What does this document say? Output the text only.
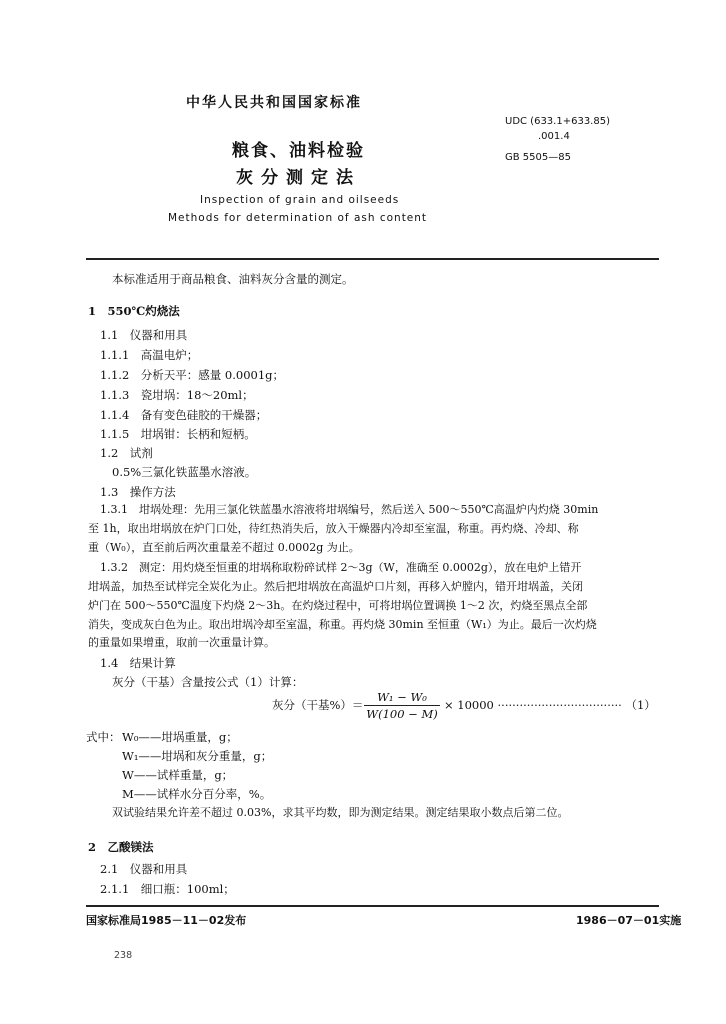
中华人民共和国国家标准
粮食、油料检验
灰分测定法
Inspection of grain and oilseeds
Methods for determination of ash content
UDC (633.1+633.85)
.001.4
GB 5505—85
本标准适用于商品粮食、油料灰分含量的测定。
1　550℃灼烧法
1.1　仪器和用具
1.1.1　高温电炉；
1.1.2　分析天平：感量 0.0001g；
1.1.3　瓷坩埚：18～20ml；
1.1.4　备有变色硅胶的干燥器；
1.1.5　坩埚钳：长柄和短柄。
1.2　试剂
0.5%三氯化铁蓝墨水溶液。
1.3　操作方法
1.3.1　坩埚处理：先用三氯化铁蓝墨水溶液将坩埚编号，然后送入 500～550℃高温炉内灼烧 30min
至 1h，取出坩埚放在炉门口处，待红热消失后，放入干燥器内冷却至室温，称重。再灼烧、冷却、称
重（W₀），直至前后两次重量差不超过 0.0002g 为止。
1.3.2　测定：用灼烧至恒重的坩埚称取粉碎试样 2～3g（W，准确至 0.0002g），放在电炉上错开
坩埚盖，加热至试样完全炭化为止。然后把坩埚放在高温炉口片刻，再移入炉膛内，错开坩埚盖，关闭
炉门在 500～550℃温度下灼烧 2～3h。在灼烧过程中，可将坩埚位置调换 1～2 次，灼烧至黑点全部
消失，变成灰白色为止。取出坩埚冷却至室温，称重。再灼烧 30min 至恒重（W₁）为止。最后一次灼烧
的重量如果增重，取前一次重量计算。
1.4　结果计算
灰分（干基）含量按公式（1）计算：
灰分（干基%）＝
W₁ − W₀
W(100 − M)
× 10000 ·································· （1）
式中： W₀——坩埚重量，g；
W₁——坩埚和灰分重量，g；
W——试样重量，g；
M——试样水分百分率，%。
双试验结果允许差不超过 0.03%，求其平均数，即为测定结果。测定结果取小数点后第二位。
2　乙酸镁法
2.1　仪器和用具
2.1.1　细口瓶：100ml；
国家标准局1985－11－02发布	1986－07－01实施
238
